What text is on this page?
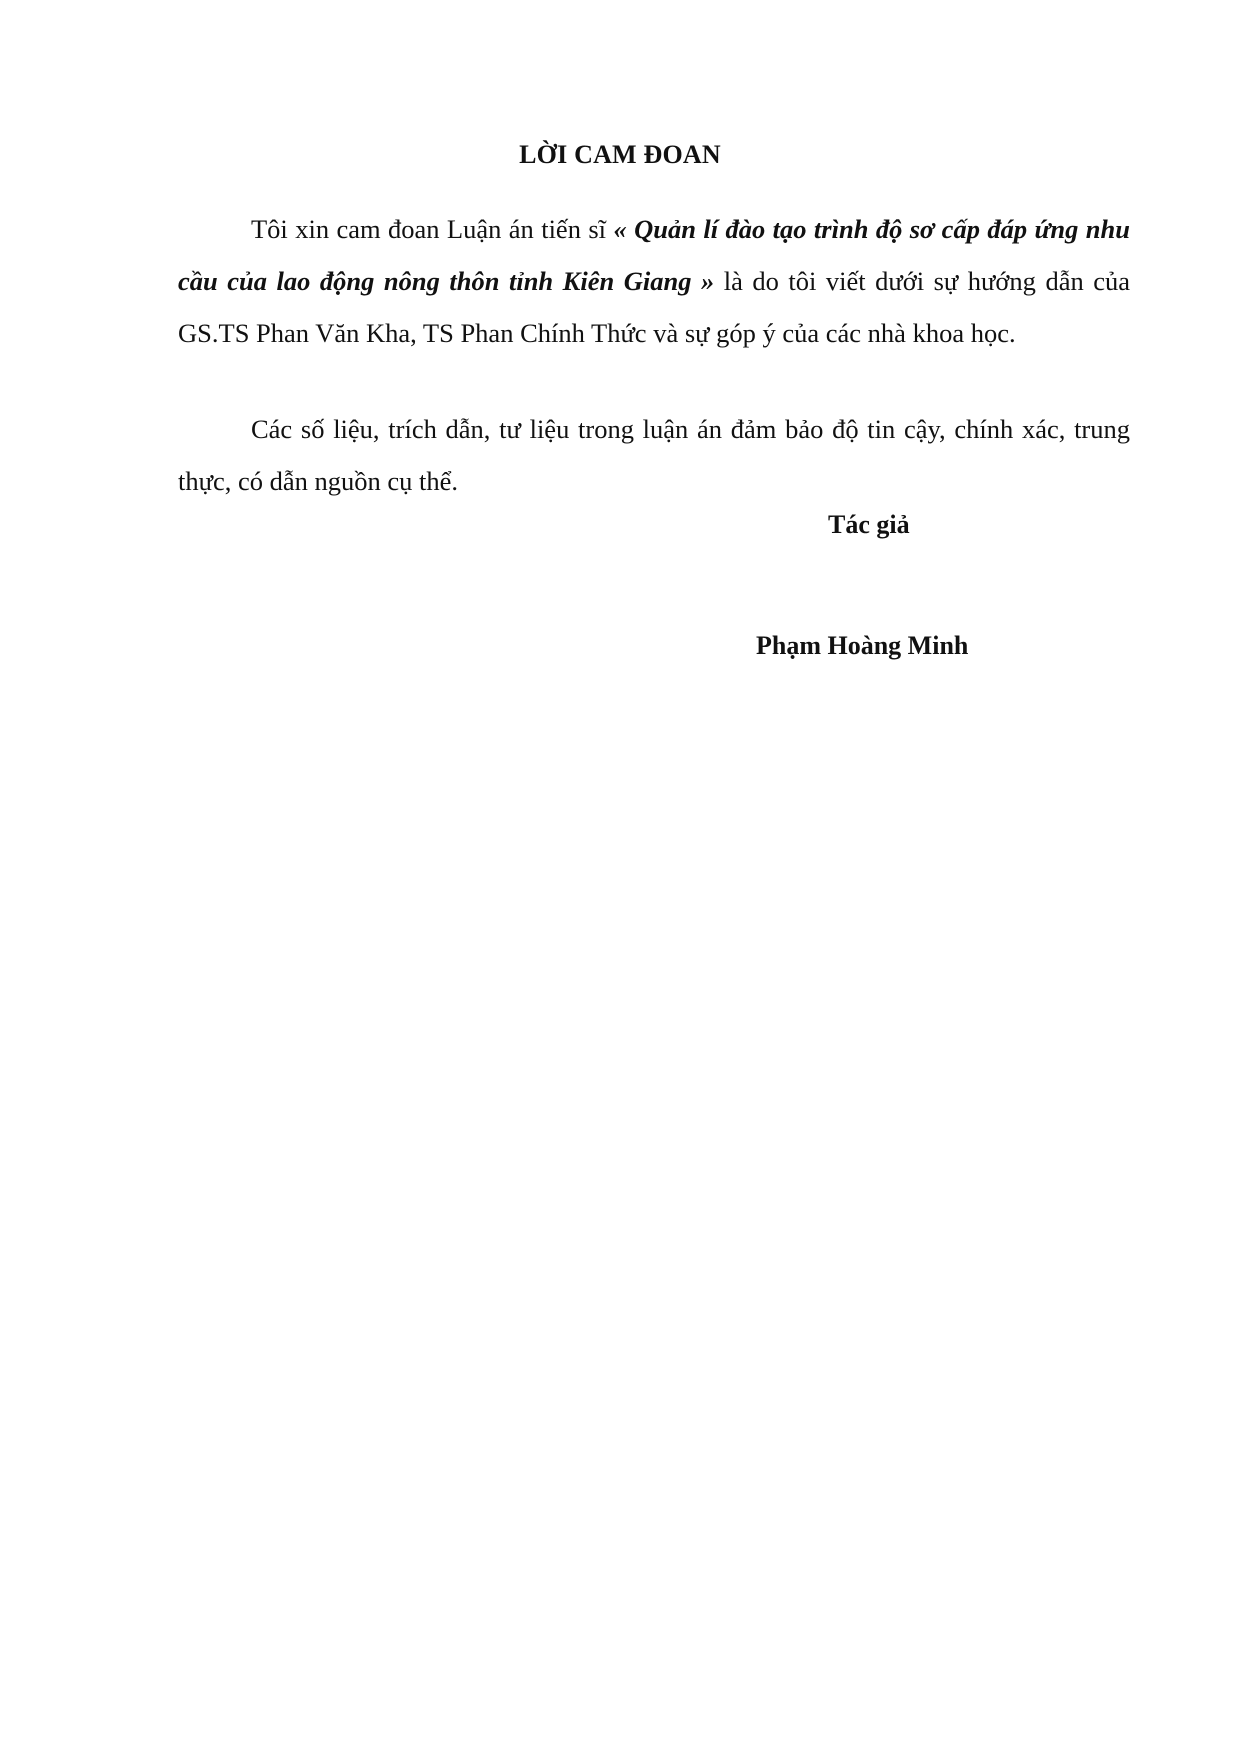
LỜI CAM ĐOAN

Tôi xin cam đoan Luận án tiến sĩ « Quản lí đào tạo trình độ sơ cấp đáp ứng nhu cầu của lao động nông thôn tỉnh Kiên Giang » là do tôi viết dưới sự hướng dẫn của GS.TS Phan Văn Kha, TS Phan Chính Thức và sự góp ý của các nhà khoa học.

Các số liệu, trích dẫn, tư liệu trong luận án đảm bảo độ tin cậy, chính xác, trung thực, có dẫn nguồn cụ thể.

Tác giả
Phạm Hoàng Minh
